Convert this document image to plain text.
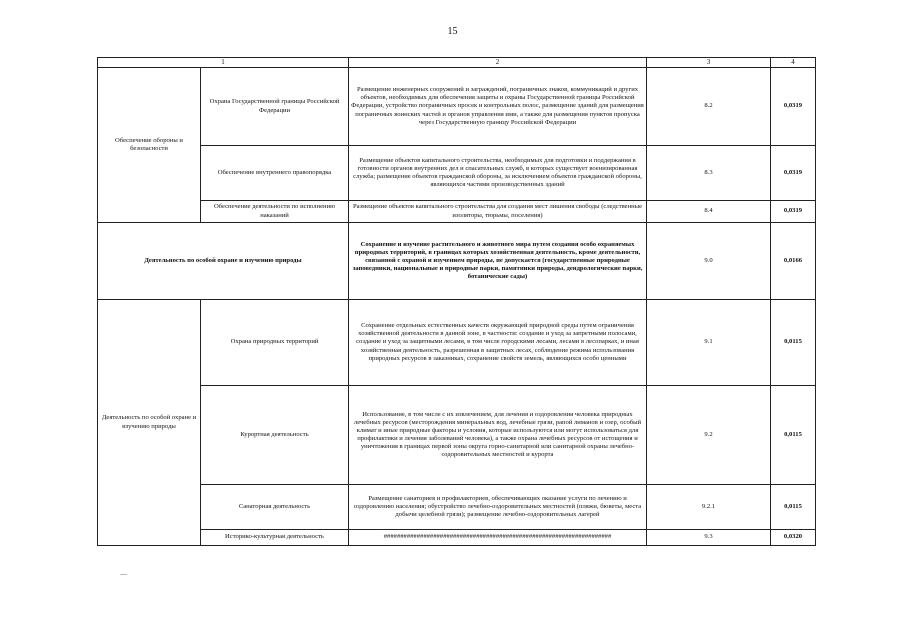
15
1		2	3	4
Обеспечение обороны и безопасности	Охрана Государственной границы Российской Федерации	Размещение инженерных сооружений и заграждений, пограничных знаков, коммуникаций и других объектов, необходимых для обеспечения защиты и охраны Государственной границы Российской Федерации, устройство пограничных просек и контрольных полос, размещение зданий для размещения пограничных воинских частей и органов управления ими, а также для размещения пунктов пропуска через Государственную границу Российской Федерации	8.2	0,0319
	Обеспечение внутреннего правопорядка	Размещение объектов капитального строительства, необходимых для подготовки и поддержания в готовности органов внутренних дел и спасательных служб, в которых существует военизированная служба; размещение объектов гражданской обороны, за исключением объектов гражданской обороны, являющихся частями производственных зданий	8.3	0,0319
	Обеспечение деятельности по исполнению наказаний	Размещение объектов капитального строительства для создания мест лишения свободы (следственные изоляторы, тюрьмы, поселения)	8.4	0,0319
Деятельность по особой охране и изучению природы		Сохранение и изучение растительного и животного мира путем создания особо охраняемых природных территорий, в границах которых хозяйственная деятельность, кроме деятельности, связанной с охраной и изучением природы, не допускается (государственные природные заповедники, национальные и природные парки, памятники природы, дендрологические парки, ботанические сады)	9.0	0,0166
Деятельность по особой охране и изучению природы	Охрана природных территорий	Сохранение отдельных естественных качеств окружающей природной среды путем ограничения хозяйственной деятельности в данной зоне, в частности: создание и уход за запретными полосами, создание и уход за защитными лесами, в том числе городскими лесами, лесами в лесопарках, и иная хозяйственная деятельность, разрешенная в защитных лесах, соблюдение режима использования природных ресурсов в заказниках, сохранение свойств земель, являющихся особо ценными	9.1	0,0115
	Курортная деятельность	Использование, в том числе с их извлечением, для лечения и оздоровления человека природных лечебных ресурсов (месторождения минеральных вод, лечебные грязи, рапой лиманов и озер, особый климат и иные природные факторы и условия, которые используются или могут использоваться для профилактики и лечения заболеваний человека), а также охрана лечебных ресурсов от истощения и уничтожения в границах первой зоны округа горно-санитарной или санитарной охраны лечебно-оздоровительных местностей и курорта	9.2	0,0115
	Санаторная деятельность	Размещение санаториев и профилакториев, обеспечивающих оказание услуги по лечению и оздоровлению населения; обустройство лечебно-оздоровительных местностей (пляжи, бюветы, места добычи целебной грязи); размещение лечебно-оздоровительных лагерей	9.2.1	0,0115
	Историко-культурная деятельность	#####################################################################	9.3	0,0320
